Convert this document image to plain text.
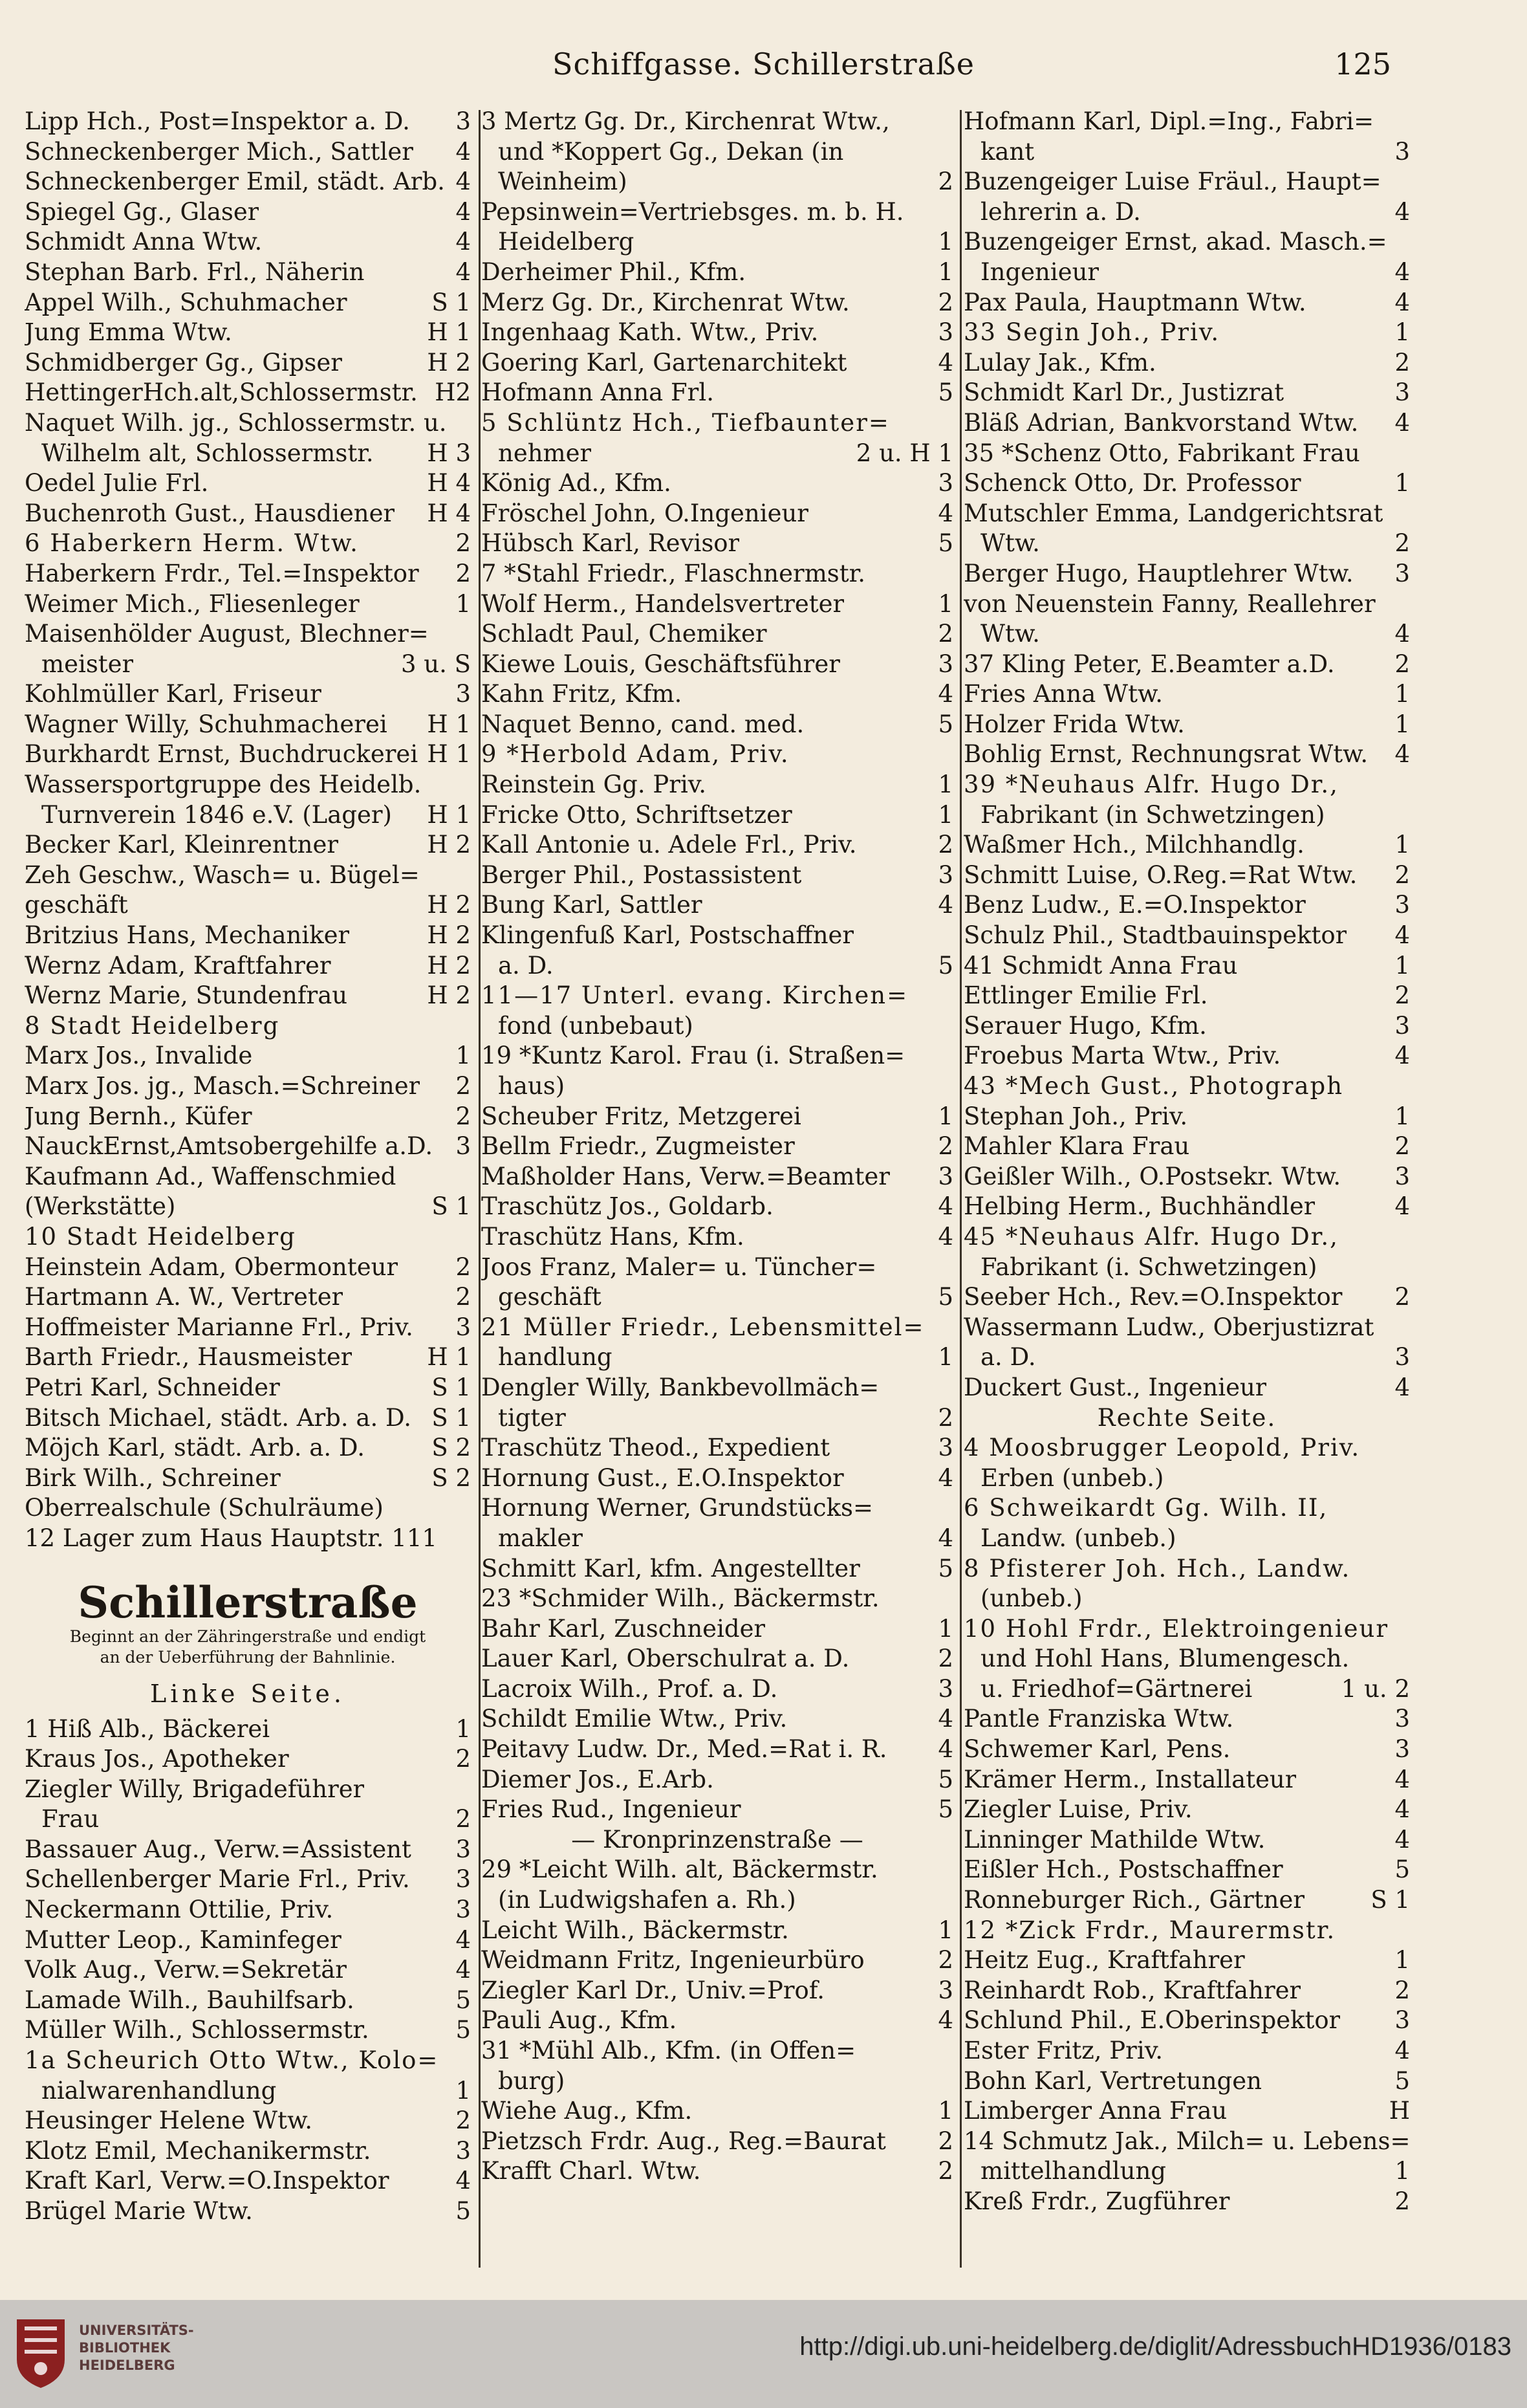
Schiffgasse. Schillerstraße	125
Lipp Hch., Post=Inspektor a. D. 3
Schneckenberger Mich., Sattler 4
Schneckenberger Emil, städt. Arb. 4
Spiegel Gg., Glaser	4
Schmidt Anna Wtw.	4
Stephan Barb. Frl., Näherin	4
Appel Wilh., Schuhmacher	S 1
Jung Emma Wtw.	H 1
Schmidberger Gg., Gipser	H 2
HettingerHch.alt,Schlossermstr. H2
Naquet Wilh. jg., Schlossermstr. u.
Wilhelm alt, Schlossermstr. H 3
Oedel Julie Frl.	H 4
Buchenroth Gust., Hausdiener H 4
6 Haberkern Herm. Wtw.	2
Haberkern Frdr., Tel.=Inspektor 2
Weimer Mich., Fliesenleger	1
Maisenhölder August, Blechner=
meister	3 u. S
Kohlmüller Karl, Friseur	3
Wagner Willy, Schuhmacherei H 1
Burkhardt Ernst, Buchdruckerei H 1
Wassersportgruppe des Heidelb.
Turnverein 1846 e.V. (Lager) H 1
Becker Karl, Kleinrentner	H 2
Zeh Geschw., Wasch= u. Bügel=
geschäft	H 2
Britzius Hans, Mechaniker	H 2
Wernz Adam, Kraftfahrer	H 2
Wernz Marie, Stundenfrau	H 2
8 Stadt Heidelberg
Marx Jos., Invalide	1
Marx Jos. jg., Masch.=Schreiner 2
Jung Bernh., Küfer	2
NauckErnst,Amtsobergehilfe a.D. 3
Kaufmann Ad., Waffenschmied
(Werkstätte)	S 1
10 Stadt Heidelberg
Heinstein Adam, Obermonteur 2
Hartmann A. W., Vertreter	2
Hoffmeister Marianne Frl., Priv. 3
Barth Friedr., Hausmeister	H 1
Petri Karl, Schneider	S 1
Bitsch Michael, städt. Arb. a. D. S 1
Möjch Karl, städt. Arb. a. D.	S 2
Birk Wilh., Schreiner	S 2
Oberrealschule (Schulräume)
12 Lager zum Haus Hauptstr. 111
Schillerstraße
Beginnt an der Zähringerstraße und endigt
an der Ueberführung der Bahnlinie.
Linke Seite.
1 Hiß Alb., Bäckerei	1
Kraus Jos., Apotheker	2
Ziegler Willy, Brigadeführer
Frau	2
Bassauer Aug., Verw.=Assistent 3
Schellenberger Marie Frl., Priv. 3
Neckermann Ottilie, Priv.	3
Mutter Leop., Kaminfeger	4
Volk Aug., Verw.=Sekretär	4
Lamade Wilh., Bauhilfsarb.	5
Müller Wilh., Schlossermstr.	5
1a Scheurich Otto Wtw., Kolo=
nialwarenhandlung	1
Heusinger Helene Wtw.	2
Klotz Emil, Mechanikermstr.	3
Kraft Karl, Verw.=O.Inspektor	4
Brügel Marie Wtw.	5
3 Mertz Gg. Dr., Kirchenrat Wtw.,
und *Koppert Gg., Dekan (in
Weinheim)	2
Pepsinwein=Vertriebsges. m. b. H.
Heidelberg	1
Derheimer Phil., Kfm.	1
Merz Gg. Dr., Kirchenrat Wtw.	2
Ingenhaag Kath. Wtw., Priv.	3
Goering Karl, Gartenarchitekt	4
Hofmann Anna Frl.	5
5 Schlüntz Hch., Tiefbaunter=
nehmer	2 u. H 1
König Ad., Kfm.	3
Fröschel John, O.Ingenieur	4
Hübsch Karl, Revisor	5
7 *Stahl Friedr., Flaschnermstr.
Wolf Herm., Handelsvertreter	1
Schladt Paul, Chemiker	2
Kiewe Louis, Geschäftsführer	3
Kahn Fritz, Kfm.	4
Naquet Benno, cand. med.	5
9 *Herbold Adam, Priv.
Reinstein Gg. Priv.	1
Fricke Otto, Schriftsetzer	1
Kall Antonie u. Adele Frl., Priv.	2
Berger Phil., Postassistent	3
Bung Karl, Sattler	4
Klingenfuß Karl, Postschaffner
a. D.	5
11—17 Unterl. evang. Kirchen=
fond (unbebaut)
19 *Kuntz Karol. Frau (i. Straßen=
haus)
Scheuber Fritz, Metzgerei	1
Bellm Friedr., Zugmeister	2
Maßholder Hans, Verw.=Beamter 3
Traschütz Jos., Goldarb.	4
Traschütz Hans, Kfm.	4
Joos Franz, Maler= u. Tüncher=
geschäft	5
21 Müller Friedr., Lebensmittel=
handlung	1
Dengler Willy, Bankbevollmäch=
tigter	2
Traschütz Theod., Expedient	3
Hornung Gust., E.O.Inspektor	4
Hornung Werner, Grundstücks=
makler	4
Schmitt Karl, kfm. Angestellter	5
23 *Schmider Wilh., Bäckermstr.
Bahr Karl, Zuschneider	1
Lauer Karl, Oberschulrat a. D.	2
Lacroix Wilh., Prof. a. D.	3
Schildt Emilie Wtw., Priv.	4
Peitavy Ludw. Dr., Med.=Rat i. R. 4
Diemer Jos., E.Arb.	5
Fries Rud., Ingenieur	5
— Kronprinzenstraße —
29 *Leicht Wilh. alt, Bäckermstr.
(in Ludwigshafen a. Rh.)
Leicht Wilh., Bäckermstr.	1
Weidmann Fritz, Ingenieurbüro	2
Ziegler Karl Dr., Univ.=Prof.	3
Pauli Aug., Kfm.	4
31 *Mühl Alb., Kfm. (in Offen=
burg)
Wiehe Aug., Kfm.	1
Pietzsch Frdr. Aug., Reg.=Baurat 2
Krafft Charl. Wtw.	2
Hofmann Karl, Dipl.=Ing., Fabri=
kant	3
Buzengeiger Luise Fräul., Haupt=
lehrerin a. D.	4
Buzengeiger Ernst, akad. Masch.=
Ingenieur	4
Pax Paula, Hauptmann Wtw.	4
33 Segin Joh., Priv.	1
Lulay Jak., Kfm.	2
Schmidt Karl Dr., Justizrat	3
Bläß Adrian, Bankvorstand Wtw. 4
35 *Schenz Otto, Fabrikant Frau
Schenck Otto, Dr. Professor	1
Mutschler Emma, Landgerichtsrat
Wtw.	2
Berger Hugo, Hauptlehrer Wtw. 3
von Neuenstein Fanny, Reallehrer
Wtw.	4
37 Kling Peter, E.Beamter a.D.	2
Fries Anna Wtw.	1
Holzer Frida Wtw.	1
Bohlig Ernst, Rechnungsrat Wtw. 4
39 *Neuhaus Alfr. Hugo Dr.,
Fabrikant (in Schwetzingen)
Waßmer Hch., Milchhandlg.	1
Schmitt Luise, O.Reg.=Rat Wtw. 2
Benz Ludw., E.=O.Inspektor	3
Schulz Phil., Stadtbauinspektor 4
41 Schmidt Anna Frau	1
Ettlinger Emilie Frl.	2
Serauer Hugo, Kfm.	3
Froebus Marta Wtw., Priv.	4
43 *Mech Gust., Photograph
Stephan Joh., Priv.	1
Mahler Klara Frau	2
Geißler Wilh., O.Postsekr. Wtw. 3
Helbing Herm., Buchhändler	4
45 *Neuhaus Alfr. Hugo Dr.,
Fabrikant (i. Schwetzingen)
Seeber Hch., Rev.=O.Inspektor 2
Wassermann Ludw., Oberjustizrat
a. D.	3
Duckert Gust., Ingenieur	4
Rechte Seite.
4 Moosbrugger Leopold, Priv.
Erben (unbeb.)
6 Schweikardt Gg. Wilh. II,
Landw. (unbeb.)
8 Pfisterer Joh. Hch., Landw.
(unbeb.)
10 Hohl Frdr., Elektroingenieur
und Hohl Hans, Blumengesch.
u. Friedhof=Gärtnerei	1 u. 2
Pantle Franziska Wtw.	3
Schwemer Karl, Pens.	3
Krämer Herm., Installateur	4
Ziegler Luise, Priv.	4
Linninger Mathilde Wtw.	4
Eißler Hch., Postschaffner	5
Ronneburger Rich., Gärtner	S 1
12 *Zick Frdr., Maurermstr.
Heitz Eug., Kraftfahrer	1
Reinhardt Rob., Kraftfahrer	2
Schlund Phil., E.Oberinspektor 3
Ester Fritz, Priv.	4
Bohn Karl, Vertretungen	5
Limberger Anna Frau	H
14 Schmutz Jak., Milch= u. Lebens=
mittelhandlung	1
Kreß Frdr., Zugführer	2
UNIVERSITÄTS-
BIBLIOTHEK
HEIDELBERG
http://digi.ub.uni-heidelberg.de/diglit/AdressbuchHD1936/0183
